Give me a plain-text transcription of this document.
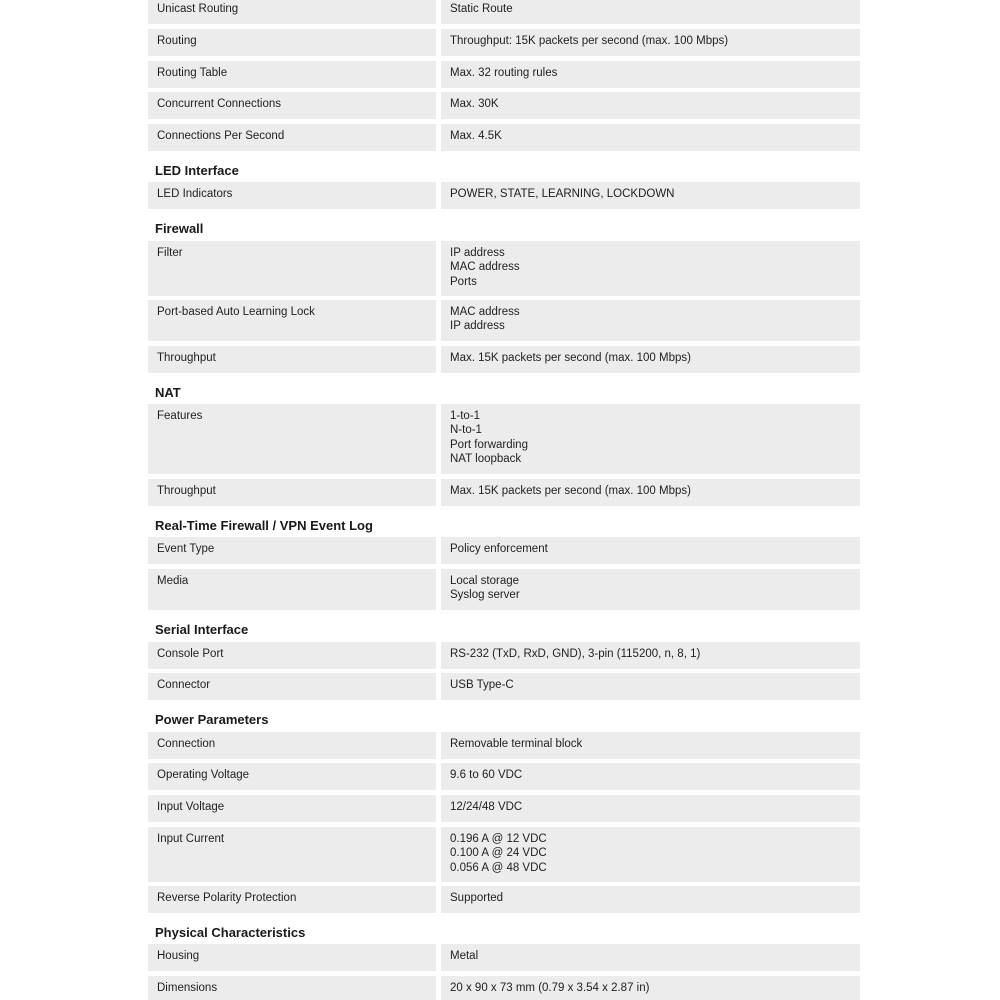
Unicast Routing	Static Route
Routing	Throughput: 15K packets per second (max. 100 Mbps)
Routing Table	Max. 32 routing rules
Concurrent Connections	Max. 30K
Connections Per Second	Max. 4.5K
LED Interface
LED Indicators	POWER, STATE, LEARNING, LOCKDOWN
Firewall
Filter	IP address
MAC address
Ports
Port-based Auto Learning Lock	MAC address
IP address
Throughput	Max. 15K packets per second (max. 100 Mbps)
NAT
Features	1-to-1
N-to-1
Port forwarding
NAT loopback
Throughput	Max. 15K packets per second (max. 100 Mbps)
Real-Time Firewall / VPN Event Log
Event Type	Policy enforcement
Media	Local storage
Syslog server
Serial Interface
Console Port	RS-232 (TxD, RxD, GND), 3-pin (115200, n, 8, 1)
Connector	USB Type-C
Power Parameters
Connection	Removable terminal block
Operating Voltage	9.6 to 60 VDC
Input Voltage	12/24/48 VDC
Input Current	0.196 A @ 12 VDC
0.100 A @ 24 VDC
0.056 A @ 48 VDC
Reverse Polarity Protection	Supported
Physical Characteristics
Housing	Metal
Dimensions	20 x 90 x 73 mm (0.79 x 3.54 x 2.87 in)
